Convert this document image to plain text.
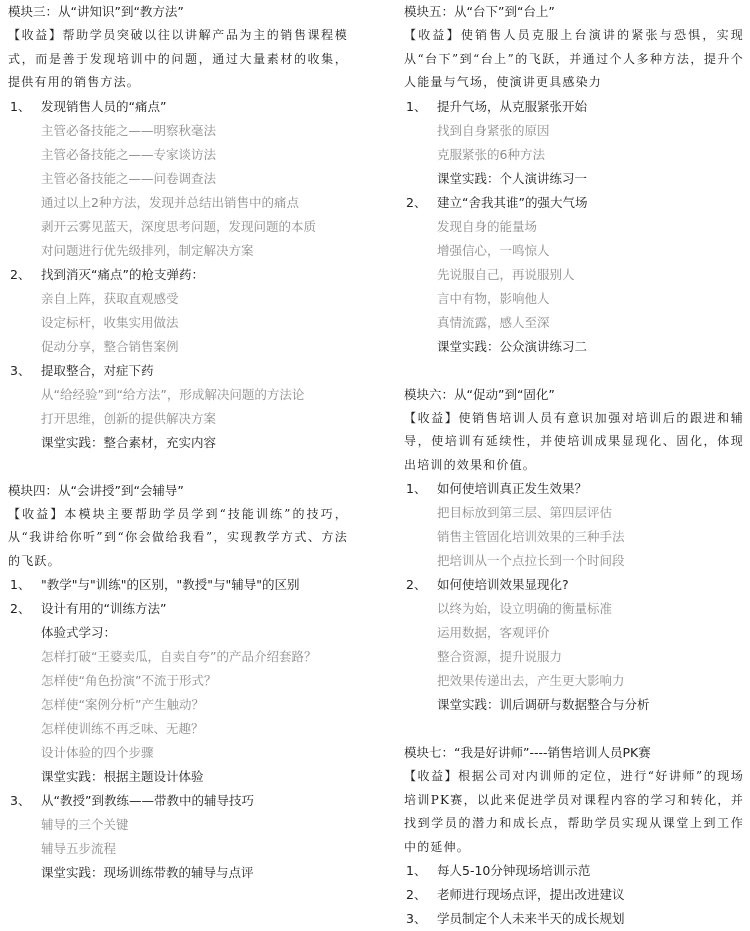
模块三：从“讲知识”到“教方法”
【收益】帮助学员突破以往以讲解产品为主的销售课程模式，而是善于发现培训中的问题，通过大量素材的收集，提供有用的销售方法。
1、 发现销售人员的“痛点”
主管必备技能之——明察秋毫法
主管必备技能之——专家谈访法
主管必备技能之——问卷调查法
通过以上2种方法，发现并总结出销售中的痛点
剥开云雾见蓝天，深度思考问题，发现问题的本质
对问题进行优先级排列，制定解决方案
2、 找到消灭“痛点”的枪支弹药：
亲自上阵，获取直观感受
设定标杆，收集实用做法
促动分享，整合销售案例
3、 提取整合，对症下药
从“给经验”到“给方法”，形成解决问题的方法论
打开思维，创新的提供解决方案
课堂实践：整合素材，充实内容
模块四：从“会讲授”到“会辅导”
【收益】本模块主要帮助学员学到“技能训练”的技巧，从“我讲给你听”到“你会做给我看”，实现教学方式、方法的飞跃。
1、 "教学"与"训练"的区别，"教授"与"辅导"的区别
2、 设计有用的“训练方法”
体验式学习：
怎样打破“王婆卖瓜，自卖自夸”的产品介绍套路？
怎样使“角色扮演”不流于形式？
怎样使“案例分析”产生触动？
怎样使训练不再乏味、无趣？
设计体验的四个步骤
课堂实践：根据主题设计体验
3、 从“教授”到教练——带教中的辅导技巧
辅导的三个关键
辅导五步流程
课堂实践：现场训练带教的辅导与点评
模块五：从“台下”到“台上”
【收益】使销售人员克服上台演讲的紧张与恐惧，实现从“台下”到“台上”的飞跃，并通过个人多种方法，提升个人能量与气场，使演讲更具感染力
1、 提升气场，从克服紧张开始
找到自身紧张的原因
克服紧张的6种方法
课堂实践：个人演讲练习一
2、 建立“舍我其谁”的强大气场
发现自身的能量场
增强信心，一鸣惊人
先说服自己，再说服别人
言中有物，影响他人
真情流露，感人至深
课堂实践：公众演讲练习二
模块六：从“促动”到“固化”
【收益】使销售培训人员有意识加强对培训后的跟进和辅导，使培训有延续性，并使培训成果显现化、固化，体现出培训的效果和价值。
1、 如何使培训真正发生效果？
把目标放到第三层、第四层评估
销售主管固化培训效果的三种手法
把培训从一个点拉长到一个时间段
2、 如何使培训效果显现化?
以终为始，设立明确的衡量标准
运用数据，客观评价
整合资源，提升说服力
把效果传递出去，产生更大影响力
课堂实践：训后调研与数据整合与分析
模块七：“我是好讲师”----销售培训人员PK赛
【收益】根据公司对内训师的定位，进行“好讲师”的现场培训PK赛，以此来促进学员对课程内容的学习和转化，并找到学员的潜力和成长点，帮助学员实现从课堂上到工作中的延伸。
1、 每人5-10分钟现场培训示范
2、 老师进行现场点评，提出改进建议
3、 学员制定个人未来半天的成长规划
